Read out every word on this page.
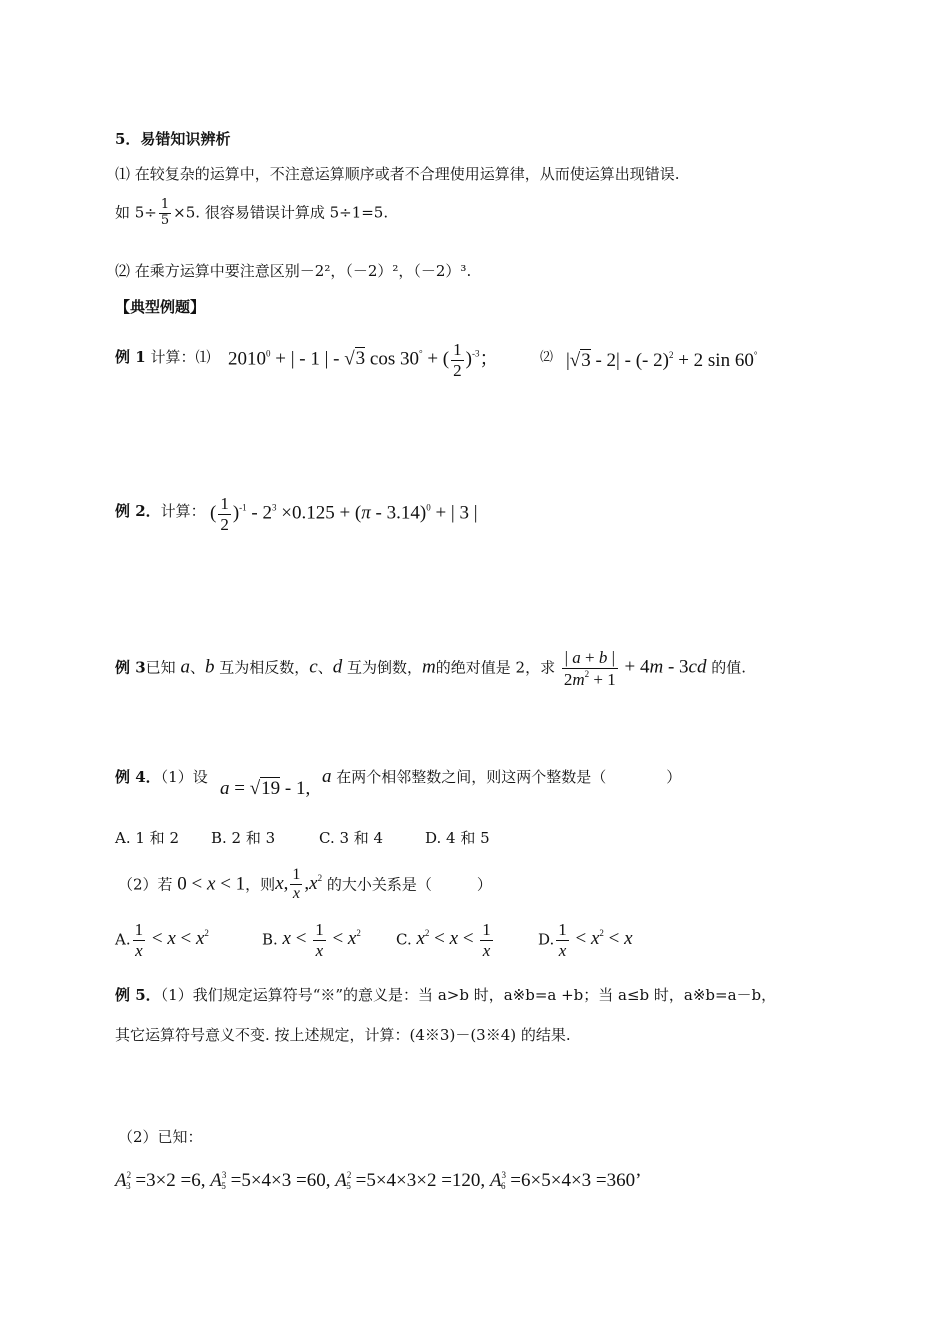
5．易错知识辨析
⑴ 在较复杂的运算中，不注意运算顺序或者不合理使用运算律，从而使运算出现错误.
如 $5\div \frac{1}{5} \times 5$. 很容易错误计算成 5÷1=5.
⑵ 在乘方运算中要注意区别－2²，（－2）²，（－2）³.
【典型例题】
例 1 计算：⑴ $2010^0$ + | - 1 | - √3 cos 30° + ( $\frac{1}{2} )^{-3}$；	⑵ |√3 - 2| - (- 2)$^2$ + 2 sin 60°
例 2．计算： ( $\frac{1}{2} )^{-1} - 2^3 \times 0.125 + (\pi - 3.14)^0$ + | 3 |
例 3已知 a、b 互为相反数，c、d 互为倒数，m的绝对值是 2，求 $\frac{| a + b |}{2m^2 + 1} + 4m - 3cd$ 的值.
例 4．（1）设
a = √19 - 1,
a 在两个相邻整数之间，则这两个整数是（　　　　）
A. 1 和 2 B. 2 和 3	C. 3 和 4	D. 4 和 5
（2）若 0 < x < 1，则x, $\frac{1}{x} ,x^2$ 的大小关系是（　　　）
A. $\frac{1}{x} < x < x^2$	B. $x < \frac{1}{x} < x^2$ C. $x^2 < x < \frac{1}{x}$	D. $\frac{1}{x} < x^2 < x$
例 5．（1）我们规定运算符号“※”的意义是：当 a>b 时，a※b=a +b；当 a≤b 时，a※b=a－b，
其它运算符号意义不变. 按上述规定，计算：(4※3)－(3※4) 的结果.
（2）已知：
$A^2_3 =3\times 2 =6$, $A^3_5 =5\times 4\times 3 =60$, $A^2_5 =5\times 4\times 3\times 2 =120$, $A^3_6 =6\times 5\times 4\times 3 =360$’
